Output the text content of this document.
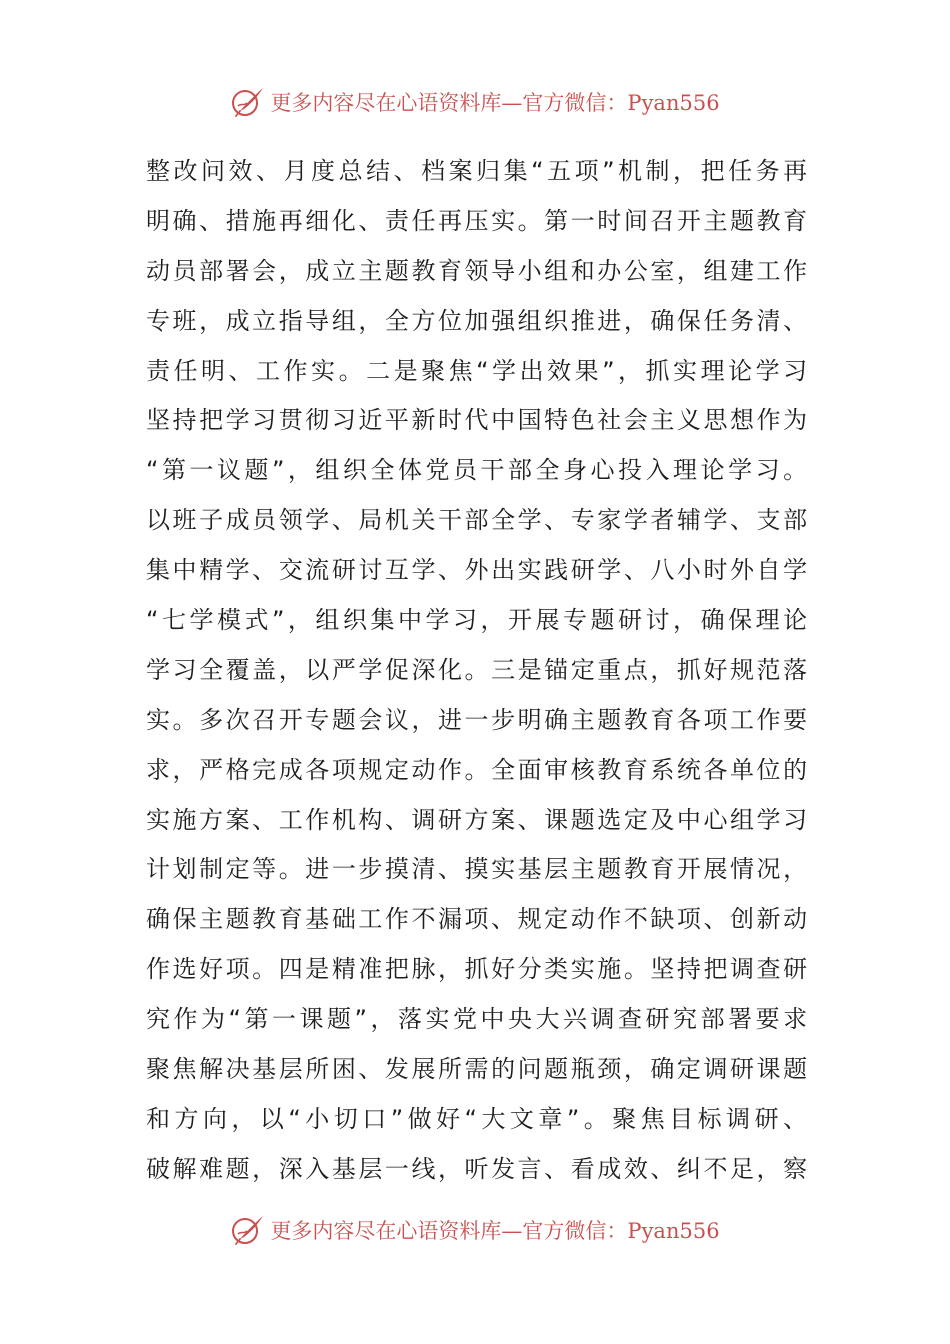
更多内容尽在心语资料库—官方微信：Pyan556
整改问效、月度总结、档案归集“五项”机制，把任务再
明确、措施再细化、责任再压实。第一时间召开主题教育
动员部署会，成立主题教育领导小组和办公室，组建工作
专班，成立指导组，全方位加强组织推进，确保任务清、
责任明、工作实。二是聚焦“学出效果”，抓实理论学习
坚持把学习贯彻习近平新时代中国特色社会主义思想作为
“第一议题”，组织全体党员干部全身心投入理论学习。
以班子成员领学、局机关干部全学、专家学者辅学、支部
集中精学、交流研讨互学、外出实践研学、八小时外自学
“七学模式”，组织集中学习，开展专题研讨，确保理论
学习全覆盖，以严学促深化。三是锚定重点，抓好规范落
实。多次召开专题会议，进一步明确主题教育各项工作要
求，严格完成各项规定动作。全面审核教育系统各单位的
实施方案、工作机构、调研方案、课题选定及中心组学习
计划制定等。进一步摸清、摸实基层主题教育开展情况，
确保主题教育基础工作不漏项、规定动作不缺项、创新动
作选好项。四是精准把脉，抓好分类实施。坚持把调查研
究作为“第一课题”，落实党中央大兴调查研究部署要求
聚焦解决基层所困、发展所需的问题瓶颈，确定调研课题
和方向，以“小切口”做好“大文章”。聚焦目标调研、
破解难题，深入基层一线，听发言、看成效、纠不足，察
更多内容尽在心语资料库—官方微信：Pyan556
